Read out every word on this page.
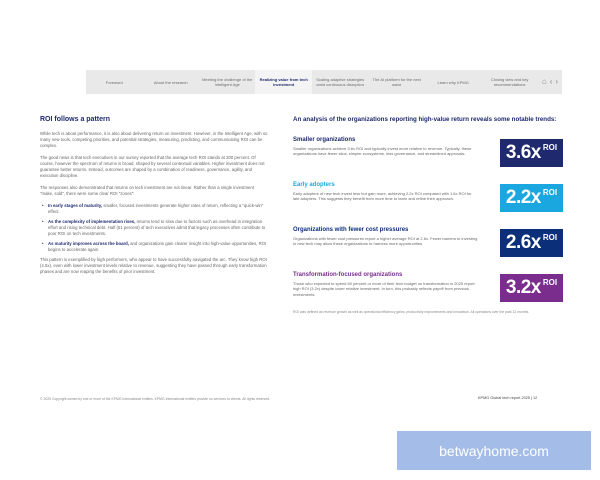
Foreword	About the research	Meeting the challenge of the Intelligent Age
Realizing value from tech investment
Scaling adaptive strategies amid continuous disruption
The AI platform for the next wave	Learn why KPMG	Closing view and key recommendations	⌂ ‹ ›
ROI follows a pattern

While tech is about performance, it is also about delivering return on investment. However, in the Intelligent Age, with so many new tools, competing priorities, and potential strategies, measuring, predicting, and communicating ROI can be complex.

The good news is that tech executives in our survey reported that the average tech ROI stands at 200 percent. Of course, however the spectrum of returns is broad, shaped by several contextual variables. Higher investment does not guarantee better returns. Instead, outcomes are shaped by a combination of readiness, governance, agility, and execution discipline.

The responses also demonstrated that returns on tech investment are not linear. Rather than a single investment "make, sold", there were some clear ROI "zones":

•	In early stages of maturity, smaller, focused investments generate higher rates of return, reflecting a "quick-win" effect.
•	As the complexity of implementation rises, returns tend to slow due to factors such as overhead in integration effort and rising technical debt. Half (51 percent) of tech executives admit that legacy processes often contribute to poor ROI on tech investments.
•	As maturity improves across the board, and organizations gain clearer insight into high-value opportunities, ROI begins to accelerate again.

This pattern is exemplified by high performers, who appear to have successfully navigated the arc. They know high ROI (4.5x), even with lower investment levels relative to revenue, suggesting they have passed through early transformation phases and are now reaping the benefits of prior investment.

An analysis of the organizations reporting high-value return reveals some notable trends:
Smaller organizations
Smaller organizations achieve 3.6x ROI and typically invest more relative to revenue. Typically, these organizations have fewer silos, simpler ecosystems, less governance, and streamlined approvals.	3.6x ROI
Early adopters
Early adopters of new tech invest less but gain more, achieving 2.2x ROI compared with 1.6x ROI for late adopters. This suggests they benefit from more time to learn and refine their approach.	2.2x ROI
Organizations with fewer cost pressures
Organizations with fewer cost pressures report a higher average ROI at 2.6x. Fewer barriers to investing in new tech may allow these organizations to harness more opportunities.	2.6x ROI
Transformation-focused organizations
Those who expected to spend 60 percent or more of their tech budget on transformation in 2025 report high ROI (3.2x) despite lower relative investment. In turn, this probably reflects payoff from previous investments.	3.2x ROI
ROI was defined as revenue growth as well as operational efficiency gains, productivity improvements and innovation. All operations over the past 12 months.
© 2025 Copyright owned by one or more of the KPMG International entities. KPMG International entities provide no services to clients. All rights reserved.	KPMG Global tech report 2025 | 12
betwayhome.com
